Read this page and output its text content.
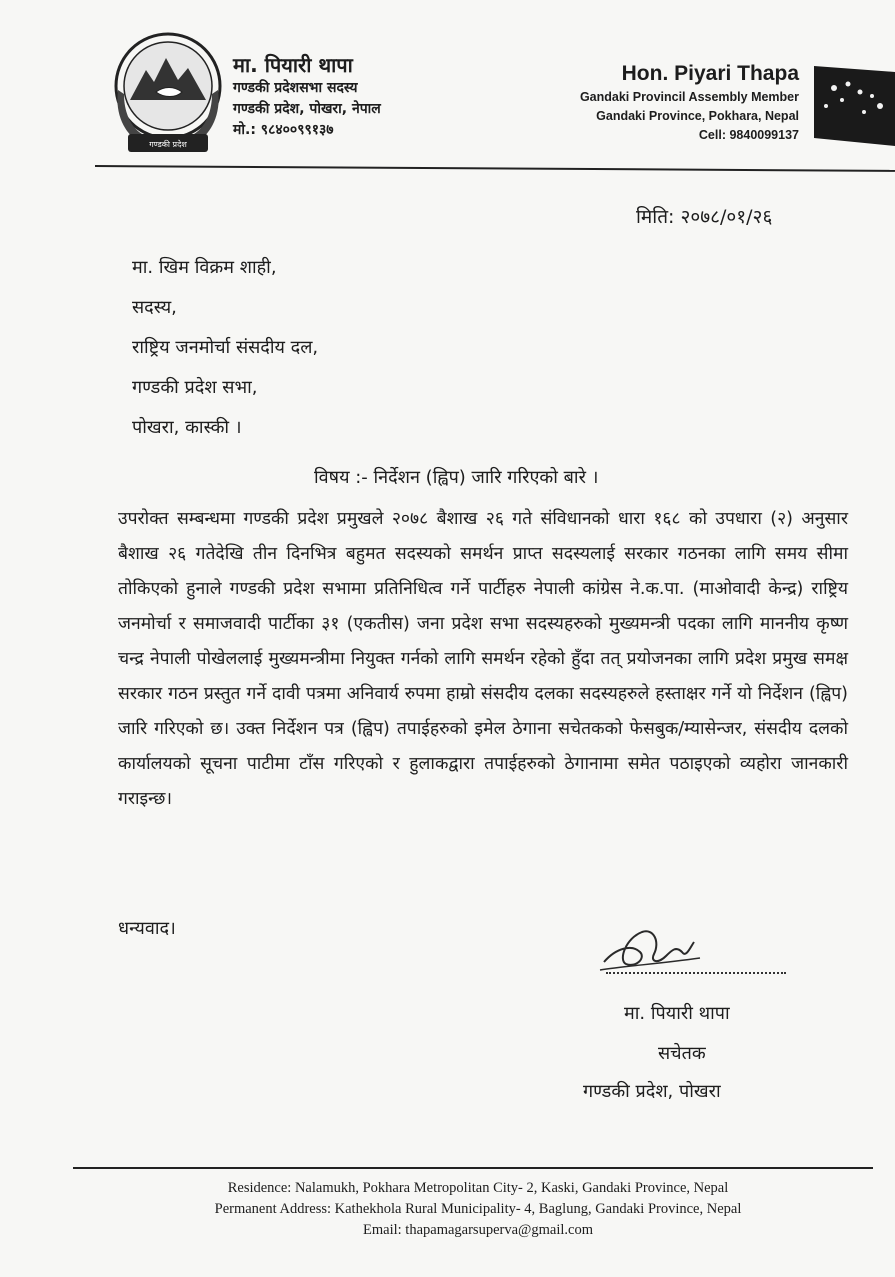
गण्डकी प्रदेश
मा. पियारी थापा
गण्डकी प्रदेशसभा सदस्य
गण्डकी प्रदेश, पोखरा, नेपाल
मो.: ९८४००९९१३७
Hon. Piyari Thapa
Gandaki Provincil Assembly Member
Gandaki Province, Pokhara, Nepal
Cell: 9840099137
मिति: २०७८/०१/२६
मा. खिम विक्रम शाही,
सदस्य,
राष्ट्रिय जनमोर्चा संसदीय दल,
गण्डकी प्रदेश सभा,
पोखरा, कास्की ।
विषय :- निर्देशन (ह्विप) जारि गरिएको बारे ।
उपरोक्त सम्बन्धमा गण्डकी प्रदेश प्रमुखले २०७८ बैशाख २६ गते संविधानको धारा १६८ को उपधारा (२) अनुसार बैशाख २६ गतेदेखि तीन दिनभित्र बहुमत सदस्यको समर्थन प्राप्त सदस्यलाई सरकार गठनका लागि समय सीमा तोकिएको हुनाले गण्डकी प्रदेश सभामा प्रतिनिधित्व गर्ने पार्टीहरु नेपाली कांग्रेस ने.क.पा. (माओवादी केन्द्र) राष्ट्रिय जनमोर्चा र समाजवादी पार्टीका ३१ (एकतीस) जना प्रदेश सभा सदस्यहरुको मुख्यमन्त्री पदका लागि माननीय कृष्ण चन्द्र नेपाली पोखेललाई मुख्यमन्त्रीमा नियुक्त गर्नको लागि समर्थन रहेको हुँदा तत् प्रयोजनका लागि प्रदेश प्रमुख समक्ष सरकार गठन प्रस्तुत गर्ने दावी पत्रमा अनिवार्य रुपमा हाम्रो संसदीय दलका सदस्यहरुले हस्ताक्षर गर्ने यो निर्देशन (ह्विप) जारि गरिएको छ। उक्त निर्देशन पत्र (ह्विप) तपाईहरुको इमेल ठेगाना सचेतकको फेसबुक/म्यासेन्जर, संसदीय दलको कार्यालयको सूचना पाटीमा टाँस गरिएको र हुलाकद्वारा तपाईहरुको ठेगानामा समेत पठाइएको व्यहोरा जानकारी गराइन्छ।
धन्यवाद।
मा. पियारी थापा
सचेतक
गण्डकी प्रदेश, पोखरा
Residence: Nalamukh, Pokhara Metropolitan City- 2, Kaski, Gandaki Province, Nepal
Permanent Address: Kathekhola Rural Municipality- 4, Baglung, Gandaki Province, Nepal
Email: thapamagarsuperva@gmail.com
